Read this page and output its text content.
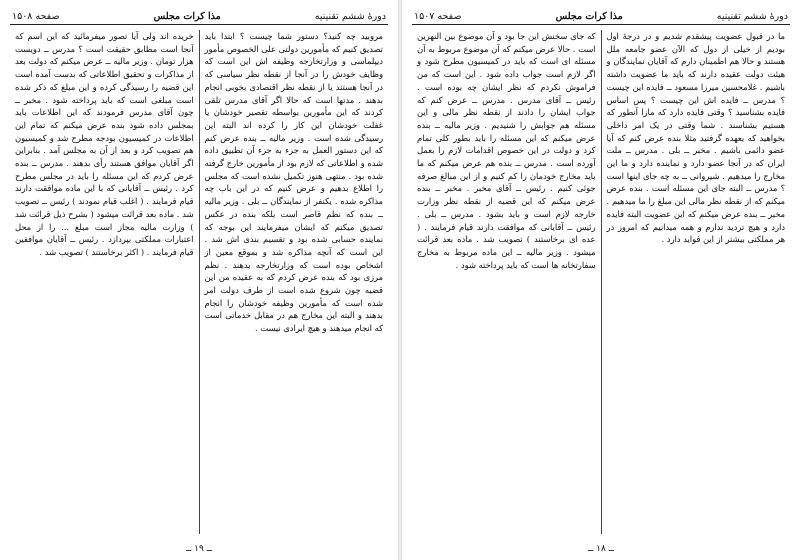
دورهٔ ششم تقنینیه
مذا کرات مجلس
صفحه ۱۵۰۸

مروبید چه کنید؟ دستور شما چیست ؟ ابتدا باید تصدیق کنیم که مأمورین دولتی علی الخصوص مأمور دیپلماسی و وزارتخارجه وظیفه اش این است که وظایف خودش را در آنجا از نقطه نظر سیاسی که در آنجا هستند یا از نقطه نظر اقتصادی بخوبی انجام بدهند . مدتها است که حالا اگر آقای مدرس تلقی کردند که این مأمورین بواسطه تقصیر خودشان یا غفلت خودشان این کار را کرده اند البته این رسیدگی شده است . وزیر مالیه ــ بنده عرض کنم که این دستور العمل به جزء به جزء آن تطبیق داده شده و اطلاعاتی که لازم بود از مأمورین خارج گرفته شده بود . منتهی هنوز تکمیل نشده است که مجلس را اطلاع بدهیم و عرض کنیم که در این باب چه مذاکره شده . یکنفر از نمایندگان ــ بلی . وزیر مالیه ــ بنده که نظم قاصر است بلکه بنده در عکس تصدیق میکنم که ایشان میفرمایند این بوجه که نماینده حسابی شده بود و تقسیم بندی اش شد . این است که آنچه مذاکره شد و بموقع معین از اشخاص بوده است که وزارتخارجه بدهند . نظم مرزی بود که بنده عرض کردم که به عقیده من این قضیه چون شروع شده است از طرف دولت امر شده است که مأمورین وظیفه خودشان را انجام بدهند و البته این مخارج هم در مقابل خدماتی است که انجام میدهند و هیچ ایرادی نیست .

خریده اند ولی آیا تصور میفرمائید که این اسم که آنجا است مطابق حقیقت است ؟ مدرس ــ دویست هزار تومان . وزیر مالیه ــ عرض میکنم که دولت بعد از مذاکرات و تحقیق اطلاعاتی که بدست آمده است این قضیه را رسیدگی کرده و این مبلغ که ذکر شده است مبلغی است که باید پرداخته شود . مخبر ــ چون آقای مدرس فرمودند که این اطلاعات باید بمجلس داده شود بنده عرض میکنم که تمام این اطلاعات در کمیسیون بودجه مطرح شد و کمیسیون هم تصویب کرد و بعد از آن به مجلس آمد . بنابراین اگر آقایان موافق هستند رأی بدهند . مدرس ــ بنده عرض کردم که این مسئله را باید در مجلس مطرح کرد . رئیس ــ آقایانی که با این ماده موافقت دارند قیام فرمایند . ( اغلب قیام نمودند ) رئیس ــ تصویب شد . ماده بعد قرائت میشود ( بشرح ذیل قرائت شد ) وزارت مالیه مجاز است مبلغ ... را از محل اعتبارات مملکتی بپردازد . رئیس ــ آقایان موافقین قیام فرمایند . ( اکثر برخاستند ) تصویب شد .

ــ ۱۹ ــ
دورهٔ ششم تقنینیه
مذا کرات مجلس
صفحه ۱۵۰۷

ما در قبول عضویت پیشقدم شدیم و در درجهٔ اول بودیم از خیلی از دول که الآن عضو جامعه ملل هستند و حالا هم اطمینان دارم که آقایان نمایندگان و هیئت دولت عقیده دارند که باید ما عضویت داشته باشیم . غلامحسین میرزا مسعود ــ فایده این چیست ؟ مدرس ــ فایده اش این چیست ؟ پس اساس فایده بشناسید ؟ وقتی فایده دارد که مازا آنطور که هستیم بشناسند . شما وقتی در یک امر داخلی بخواهید که بعهده گرفتید مثلا بنده عرض کنم که آیا عضو دائمی باشیم . مخبر ــ بلی . مدرس ــ ملت ایران که در آنجا عضو دارد و نماینده دارد و ما این مخارج را میدهیم . شیروانی ــ به چه جای اینها است ؟ مدرس ــ البته جای این مسئله است . بنده عرض میکنم که از نقطه نظر مالی این مبلغ را ما میدهیم . مخبر ــ بنده عرض میکنم که این عضویت البته فایده دارد و هیچ تردید ندارم و همه میدانیم که امروز در هر مملکتی بیشتر از این فواید دارد .

که جای سخنش این جا بود و آن موضوع بین النهرین است . حالا عرض میکنم که آن موضوع مربوط به آن مسئله ای است که باید در کمیسیون مطرح شود و اگر لازم است جواب داده شود . این است که من فراموش نکردم که نظر ایشان چه بوده است . رئیس ــ آقای مدرس . مدرس ــ عرض کنم که جواب ایشان را دادند از نقطه نظر مالی و این مسئله هم جوابش را شنیدیم . وزیر مالیه ــ بنده عرض میکنم که این مسئله را باید بطور کلی تمام کرد و دولت در این خصوص اقدامات لازم را بعمل آورده است . مدرس ــ بنده هم عرض میکنم که ما باید مخارج خودمان را کم کنیم و از این مبالغ صرفه جوئی کنیم . رئیس ــ آقای مخبر . مخبر ــ بنده عرض میکنم که این قضیه از نقطه نظر وزارت خارجه لازم است و باید بشود . مدرس ــ بلی . رئیس ــ آقایانی که موافقت دارند قیام فرمایند . ( عده ای برخاستند ) تصویب شد . ماده بعد قرائت میشود . وزیر مالیه ــ این ماده مربوط به مخارج سفارتخانه ها است که باید پرداخته شود .

ــ ۱۸ ــ
